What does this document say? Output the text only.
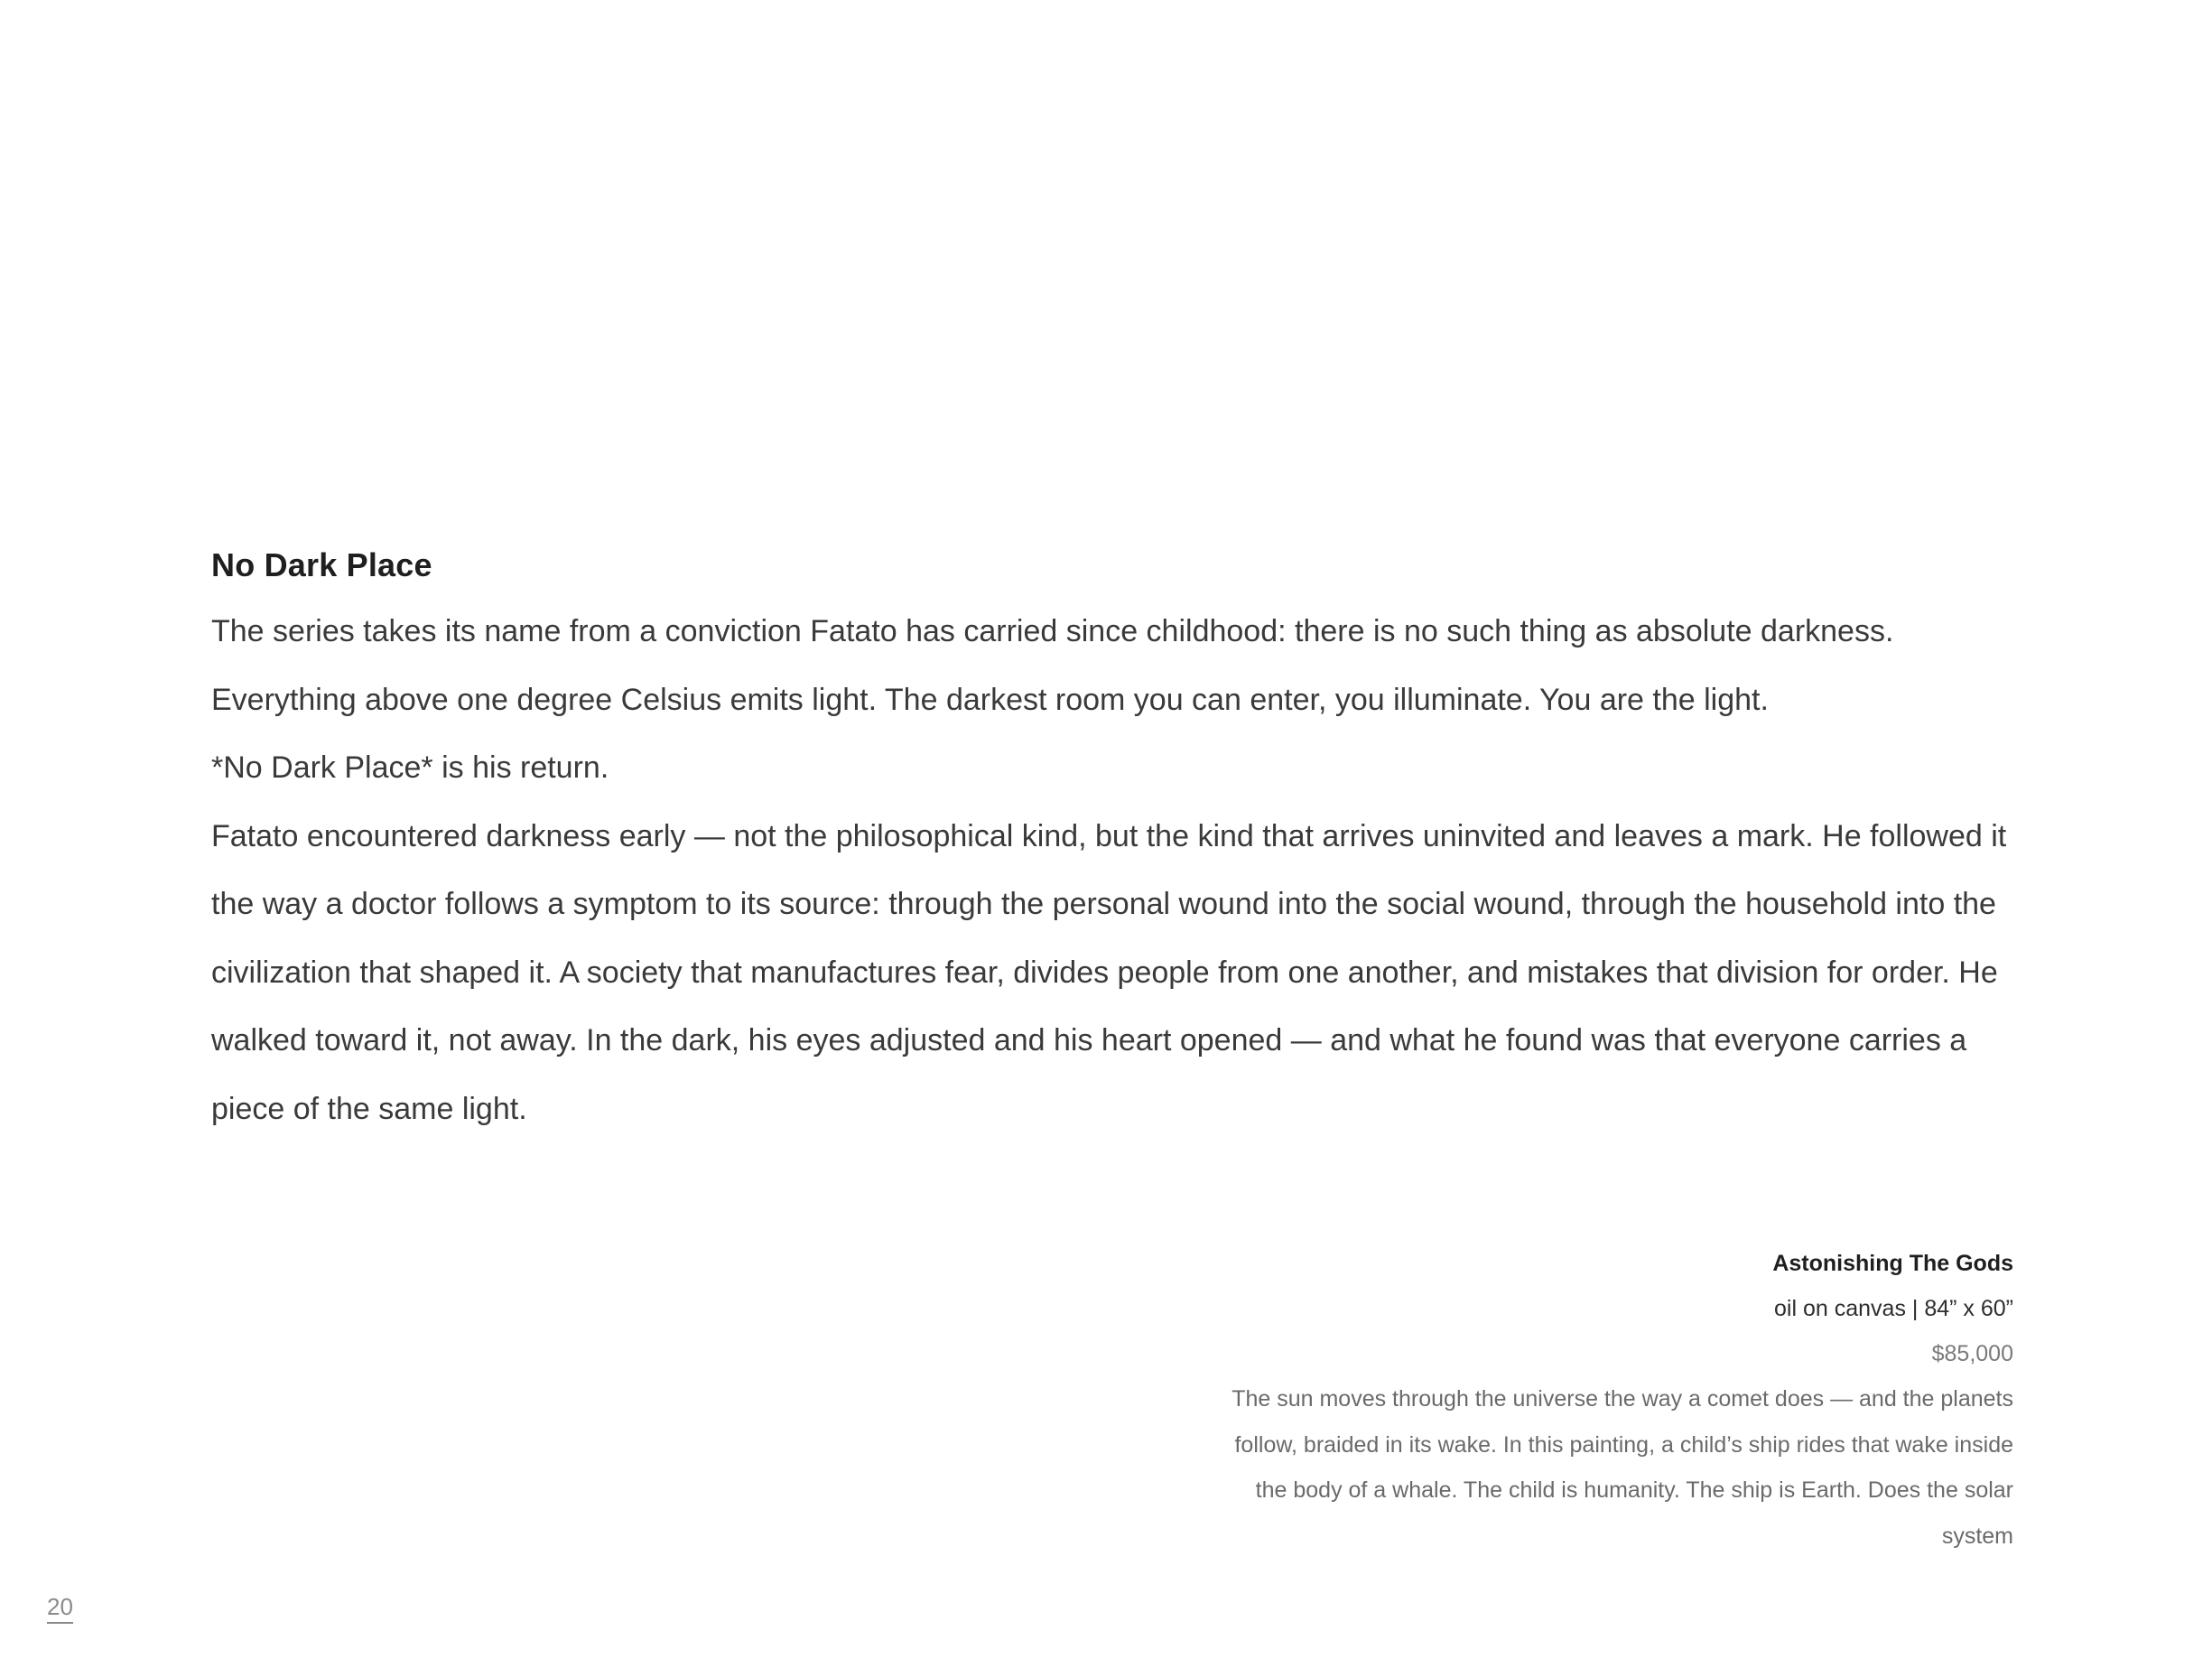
No Dark Place

The series takes its name from a conviction Fatato has carried since childhood: there is no such thing as absolute darkness.

Everything above one degree Celsius emits light. The darkest room you can enter, you illuminate. You are the light.

*No Dark Place* is his return.

Fatato encountered darkness early — not the philosophical kind, but the kind that arrives uninvited and leaves a mark. He followed it the way a doctor follows a symptom to its source: through the personal wound into the social wound, through the household into the civilization that shaped it. A society that manufactures fear, divides people from one another, and mistakes that division for order. He walked toward it, not away. In the dark, his eyes adjusted and his heart opened — and what he found was that everyone carries a piece of the same light.

Astonishing The Gods
oil on canvas | 84” x 60”
$85,000
The sun moves through the universe the way a comet does — and the planets follow, braided in its wake. In this painting, a child’s ship rides that wake inside the body of a whale. The child is humanity. The ship is Earth. Does the solar system
20
